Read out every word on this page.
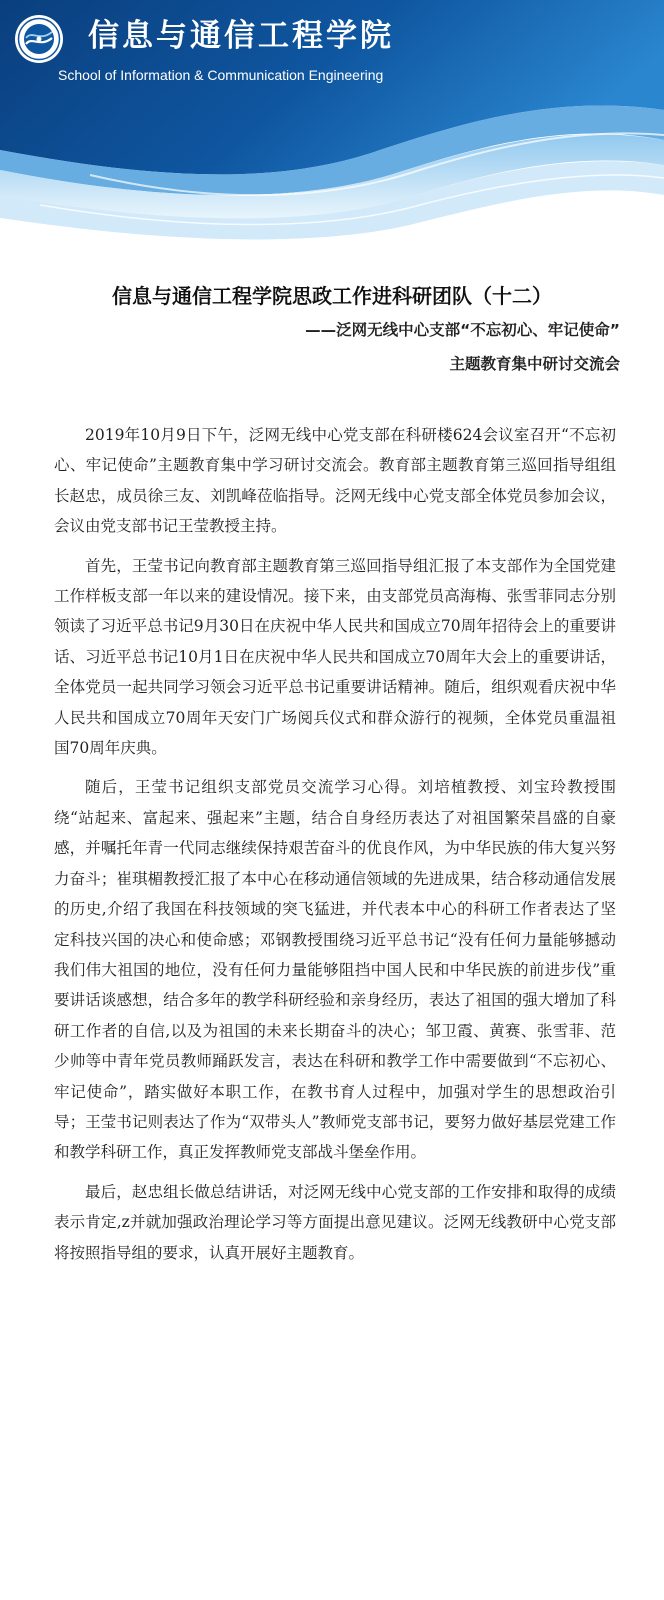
信息与通信工程学院
School of Information & Communication Engineering
信息与通信工程学院思政工作进科研团队（十二）
——泛网无线中心支部“不忘初心、牢记使命”
主题教育集中研讨交流会

2019年10月9日下午，泛网无线中心党支部在科研楼624会议室召开“不忘初心、牢记使命”主题教育集中学习研讨交流会。教育部主题教育第三巡回指导组组长赵忠，成员徐三友、刘凯峰莅临指导。泛网无线中心党支部全体党员参加会议，会议由党支部书记王莹教授主持。

首先，王莹书记向教育部主题教育第三巡回指导组汇报了本支部作为全国党建工作样板支部一年以来的建设情况。接下来，由支部党员高海梅、张雪菲同志分别领读了习近平总书记9月30日在庆祝中华人民共和国成立70周年招待会上的重要讲话、习近平总书记10月1日在庆祝中华人民共和国成立70周年大会上的重要讲话，全体党员一起共同学习领会习近平总书记重要讲话精神。随后，组织观看庆祝中华人民共和国成立70周年天安门广场阅兵仪式和群众游行的视频，全体党员重温祖国70周年庆典。

随后，王莹书记组织支部党员交流学习心得。刘培植教授、刘宝玲教授围绕“站起来、富起来、强起来”主题，结合自身经历表达了对祖国繁荣昌盛的自豪感，并嘱托年青一代同志继续保持艰苦奋斗的优良作风，为中华民族的伟大复兴努力奋斗；崔琪楣教授汇报了本中心在移动通信领域的先进成果，结合移动通信发展的历史,介绍了我国在科技领域的突飞猛进，并代表本中心的科研工作者表达了坚定科技兴国的决心和使命感；邓钢教授围绕习近平总书记“没有任何力量能够撼动我们伟大祖国的地位，没有任何力量能够阻挡中国人民和中华民族的前进步伐”重要讲话谈感想，结合多年的教学科研经验和亲身经历，表达了祖国的强大增加了科研工作者的自信,以及为祖国的未来长期奋斗的决心；邹卫霞、黄赛、张雪菲、范少帅等中青年党员教师踊跃发言，表达在科研和教学工作中需要做到“不忘初心、牢记使命”，踏实做好本职工作，在教书育人过程中，加强对学生的思想政治引导；王莹书记则表达了作为“双带头人”教师党支部书记，要努力做好基层党建工作和教学科研工作，真正发挥教师党支部战斗堡垒作用。

最后，赵忠组长做总结讲话，对泛网无线中心党支部的工作安排和取得的成绩表示肯定,z并就加强政治理论学习等方面提出意见建议。泛网无线教研中心党支部将按照指导组的要求，认真开展好主题教育。
